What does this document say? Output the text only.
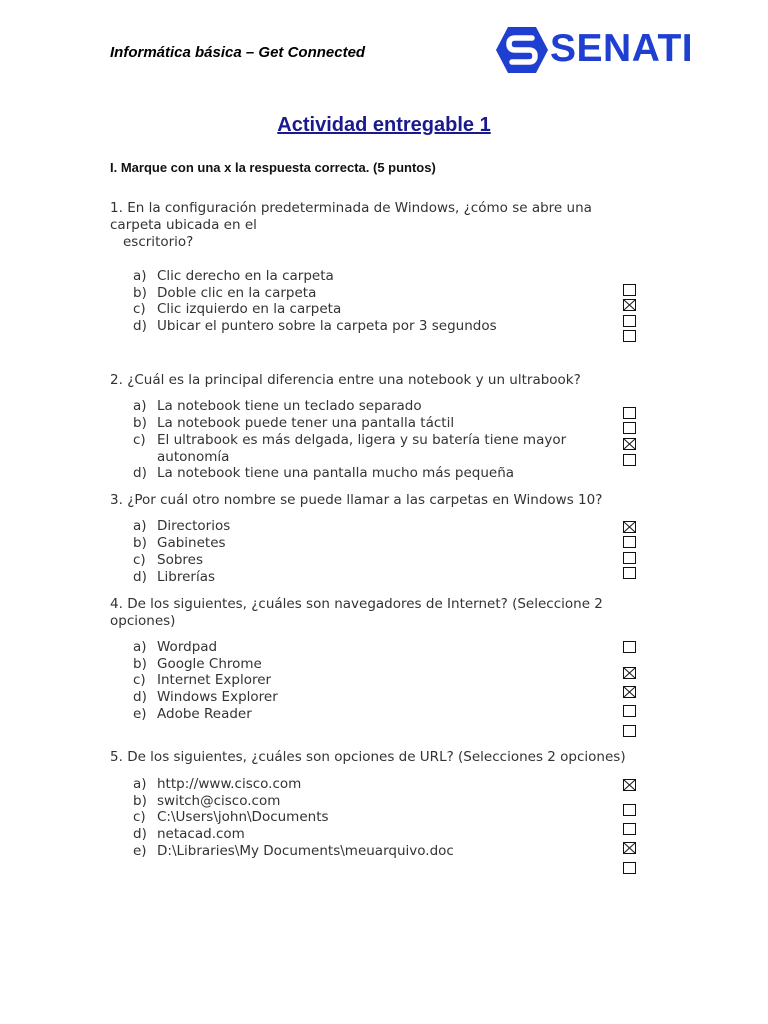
Informática básica – Get Connected	SENATI
Actividad entregable 1
I. Marque con una x la respuesta correcta. (5 puntos)
1. En la configuración predeterminada de Windows, ¿cómo se abre una carpeta ubicada en el
escritorio?
a) Clic derecho en la carpeta
b) Doble clic en la carpeta
c) Clic izquierdo en la carpeta
d) Ubicar el puntero sobre la carpeta por 3 segundos
2. ¿Cuál es la principal diferencia entre una notebook y un ultrabook?
a) La notebook tiene un teclado separado
b) La notebook puede tener una pantalla táctil
c) El ultrabook es más delgada, ligera y su batería tiene mayor
autonomía
d) La notebook tiene una pantalla mucho más pequeña
3. ¿Por cuál otro nombre se puede llamar a las carpetas en Windows 10?
a) Directorios
b) Gabinetes
c) Sobres
d) Librerías
4. De los siguientes, ¿cuáles son navegadores de Internet? (Seleccione 2
opciones)
a) Wordpad
b) Google Chrome
c) Internet Explorer
d) Windows Explorer
e) Adobe Reader
5. De los siguientes, ¿cuáles son opciones de URL? (Selecciones 2 opciones)
a) http://www.cisco.com
b) switch@cisco.com
c) C:\Users\john\Documents
d) netacad.com
e) D:\Libraries\My Documents\meuarquivo.doc
